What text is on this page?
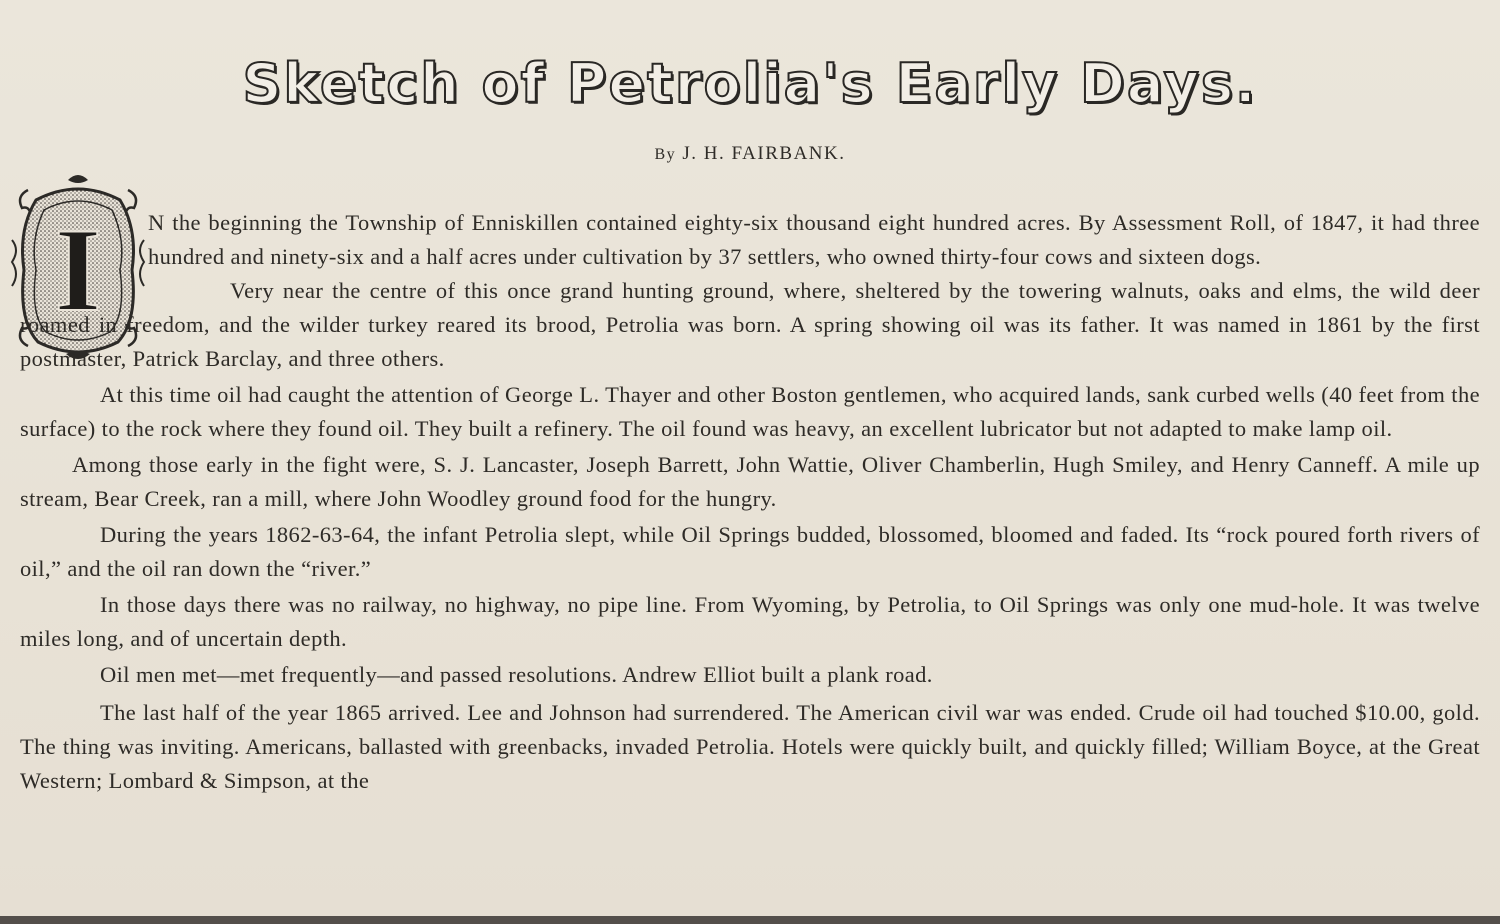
Sketch of Petrolia's Early Days.
By J. H. FAIRBANK.
I	N the beginning the Township of Enniskillen contained eighty-six thousand eight hundred acres. By Assessment Roll, of 1847, it had three hundred and ninety-six and a half acres under cultivation by 37 settlers, who owned thirty-four cows and sixteen dogs.

Very near the centre of this once grand hunting ground, where, sheltered by the towering walnuts, oaks and elms, the wild deer roamed in freedom, and the wilder turkey reared its brood, Petrolia was born. A spring showing oil was its father. It was named in 1861 by the first postmaster, Patrick Barclay, and three others.

At this time oil had caught the attention of George L. Thayer and other Boston gentlemen, who acquired lands, sank curbed wells (40 feet from the surface) to the rock where they found oil. They built a refinery. The oil found was heavy, an excellent lubricator but not adapted to make lamp oil.

Among those early in the fight were, S. J. Lancaster, Joseph Barrett, John Wattie, Oliver Chamberlin, Hugh Smiley, and Henry Canneff. A mile up stream, Bear Creek, ran a mill, where John Woodley ground food for the hungry.

During the years 1862-63-64, the infant Petrolia slept, while Oil Springs budded, blossomed, bloomed and faded. Its “rock poured forth rivers of oil,” and the oil ran down the “river.”

In those days there was no railway, no highway, no pipe line. From Wyoming, by Petrolia, to Oil Springs was only one mud-hole. It was twelve miles long, and of uncertain depth.

Oil men met—met frequently—and passed resolutions. Andrew Elliot built a plank road.

The last half of the year 1865 arrived. Lee and Johnson had surrendered. The American civil war was ended. Crude oil had touched $10.00, gold. The thing was inviting. Americans, ballasted with greenbacks, invaded Petrolia. Hotels were quickly built, and quickly filled; William Boyce, at the Great Western; Lombard & Simpson, at the
